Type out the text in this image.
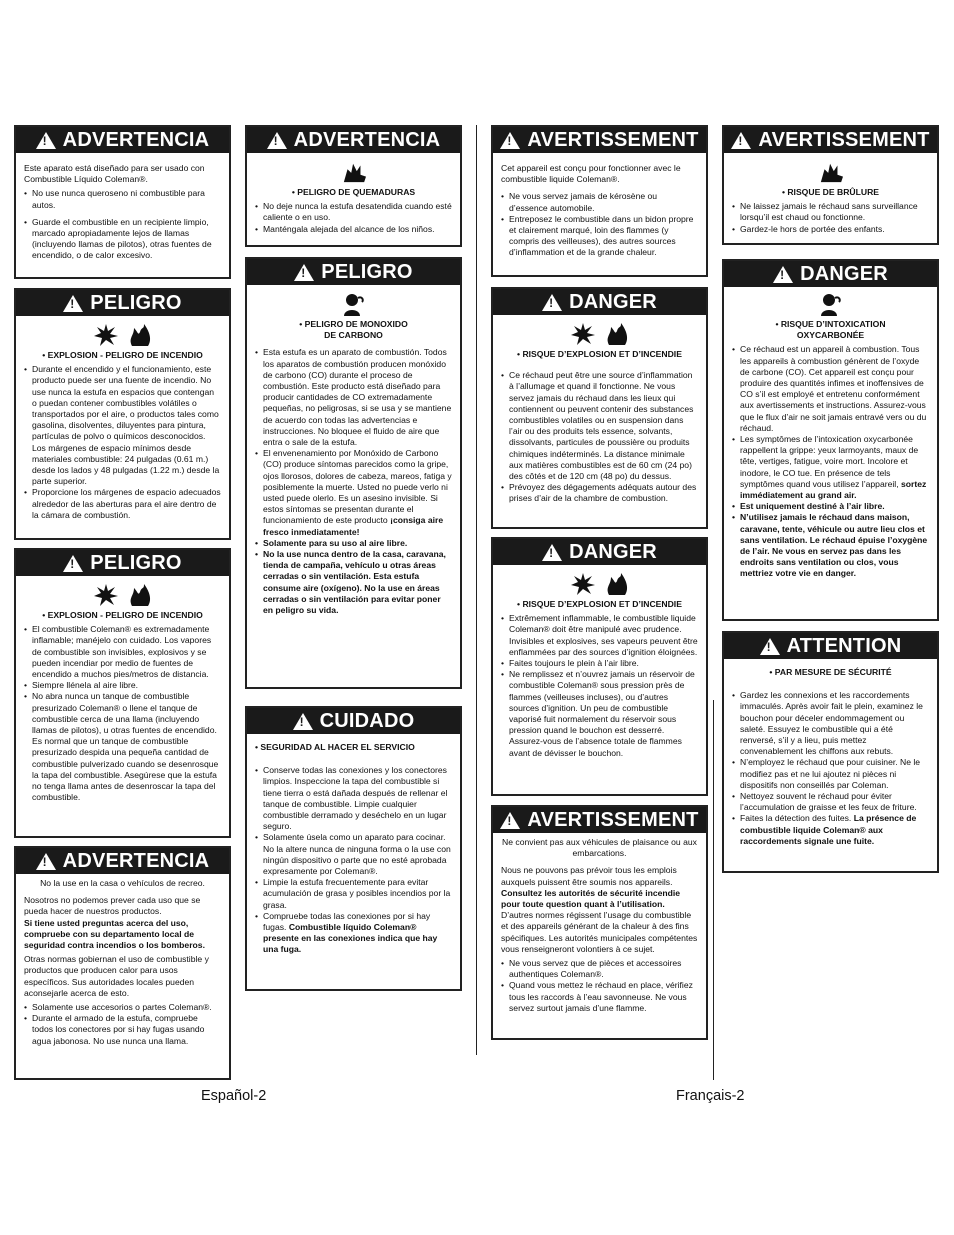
!
ADVERTENCIA

Este aparato está diseñado para ser usado con Combustible Líquido Coleman®.

• No use nunca queroseno ni combustible para autos.
• Guarde el combustible en un recipiente limpio, marcado apropiadamente lejos de llamas (incluyendo llamas de pilotos), otras fuentes de encendido, o de calor excesivo.
!
PELIGRO

• EXPLOSION - PELIGRO DE INCENDIO

• Durante el encendido y el funcionamiento, este producto puede ser una fuente de incendio. No use nunca la estufa en espacios que contengan o puedan contener combustibles volátiles o transportados por el aire, o productos tales como gasolina, disolventes, diluyentes para pintura, partículas de polvo o químicos desconocidos. Los márgenes de espacio mínimos desde materiales combustible: 24 pulgadas (0.61 m.) desde los lados y 48 pulgadas (1.22 m.) desde la parte superior.
• Proporcione los márgenes de espacio adecuados alrededor de las aberturas para el aire dentro de la cámara de combustión.
!
PELIGRO

• EXPLOSION - PELIGRO DE INCENDIO

• El combustible Coleman® es extremadamente inflamable; manéjelo con cuidado. Los vapores de combustible son invisibles, explosivos y se pueden incendiar por medio de fuentes de encendido a muchos pies/metros de distancia.
• Siempre llénela al aire libre.
• No abra nunca un tanque de combustible presurizado Coleman® o llene el tanque de combustible cerca de una llama (incluyendo llamas de pilotos), u otras fuentes de encendido. Es normal que un tanque de combustible presurizado despida una pequeña cantidad de combustible pulverizado cuando se desenrosque la tapa del combustible. Asegúrese que la estufa no tenga llama antes de desenroscar la tapa del combustible.
!
ADVERTENCIA

No la use en la casa o vehículos de recreo.

Nosotros no podemos prever cada uso que se pueda hacer de nuestros productos.

Si tiene usted preguntas acerca del uso, compruebe con su departamento local de seguridad contra incendios o los bomberos.

Otras normas gobiernan el uso de combustible y productos que producen calor para usos específicos. Sus autoridades locales pueden aconsejarle acerca de esto.

• Solamente use accesorios o partes Coleman®.
• Durante el armado de la estufa, compruebe todos los conectores por si hay fugas usando agua jabonosa. No use nunca una llama.
!
ADVERTENCIA

• PELIGRO DE QUEMADURAS

• No deje nunca la estufa desatendida cuando esté caliente o en uso.
• Manténgala alejada del alcance de los niños.
!
PELIGRO

• PELIGRO DE MONOXIDO

DE CARBONO

• Esta estufa es un aparato de combustión. Todos los aparatos de combustión producen monóxido de carbono (CO) durante el proceso de combustión. Este producto está diseñado para producir cantidades de CO extremadamente pequeñas, no peligrosas, si se usa y se mantiene de acuerdo con todas las advertencias e instrucciones. No bloquee el fluido de aire que entra o sale de la estufa.
• El envenenamiento por Monóxido de Carbono (CO) produce síntomas parecidos como la gripe, ojos llorosos, dolores de cabeza, mareos, fatiga y posiblemente la muerte. Usted no puede verlo ni usted puede olerlo. Es un asesino invisible. Si estos síntomas se presentan durante el funcionamiento de este producto ¡consiga aire fresco inmediatamente!
• Solamente para su uso al aire libre.
• No la use nunca dentro de la casa, caravana, tienda de campaña, vehículo u otras áreas cerradas o sin ventilación. Esta estufa consume aire (oxígeno). No la use en áreas cerradas o sin ventilación para evitar poner en peligro su vida.
!
CUIDADO

• SEGURIDAD AL HACER EL SERVICIO

• Conserve todas las conexiones y los conectores limpios. Inspeccione la tapa del combustible si tiene tierra o está dañada después de rellenar el tanque de combustible. Limpie cualquier combustible derramado y deséchelo en un lugar seguro.
• Solamente úsela como un aparato para cocinar. No la altere nunca de ninguna forma o la use con ningún dispositivo o parte que no esté aprobada expresamente por Coleman®.
• Limpie la estufa frecuentemente para evitar acumulación de grasa y posibles incendios por la grasa.
• Compruebe todas las conexiones por si hay fugas. Combustible líquido Coleman® presente en las conexiones indica que hay una fuga.
!
AVERTISSEMENT

Cet appareil est conçu pour fonctionner avec le combustible liquide Coleman®.

• Ne vous servez jamais de kérosène ou d’essence automobile.
• Entreposez le combustible dans un bidon propre et clairement marqué, loin des flammes (y compris des veilleuses), des autres sources d’inflammation et de la grande chaleur.
!
DANGER

• RISQUE D’EXPLOSION ET D’INCENDIE

• Ce réchaud peut être une source d’inflammation à l’allumage et quand il fonctionne. Ne vous servez jamais du réchaud dans les lieux qui contiennent ou peuvent contenir des substances combustibles volatiles ou en suspension dans l’air ou des produits tels essence, solvants, dissolvants, particules de poussière ou produits chimiques indéterminés. La distance minimale aux matières combustibles est de 60 cm (24 po) des côtés et de 120 cm (48 po) du dessus.
• Prévoyez des dégagements adéquats autour des prises d’air de la chambre de combustion.
!
DANGER

• RISQUE D’EXPLOSION ET D’INCENDIE

• Extrêmement inflammable, le combustible liquide Coleman® doit être manipulé avec prudence. Invisibles et explosives, ses vapeurs peuvent être enflammées par des sources d’ignition éloignées.
• Faites toujours le plein à l’air libre.
• Ne remplissez et n’ouvrez jamais un réservoir de combustible Coleman® sous pression près de flammes (veilleuses incluses), ou d’autres sources d’ignition. Un peu de combustible vaporisé fuit normalement du réservoir sous pression quand le bouchon est desserré. Assurez-vous de l’absence totale de flammes avant de dévisser le bouchon.
!
AVERTISSEMENT

Ne convient pas aux véhicules de plaisance ou aux embarcations.

Nous ne pouvons pas prévoir tous les emplois auxquels puissent être soumis nos appareils.

Consultez les autorités de sécurité incendie pour toute question quant à l’utilisation.

D’autres normes régissent l’usage du combustible et des appareils générant de la chaleur à des fins spécifiques. Les autorités municipales compétentes vous renseigneront volontiers à ce sujet.

• Ne vous servez que de pièces et accessoires authentiques Coleman®.
• Quand vous mettez le réchaud en place, vérifiez tous les raccords à l’eau savonneuse. Ne vous servez surtout jamais d’une flamme.
!
AVERTISSEMENT

• RISQUE DE BRÛLURE

• Ne laissez jamais le réchaud sans surveillance lorsqu’il est chaud ou fonctionne.
• Gardez-le hors de portée des enfants.
!
DANGER

• RISQUE D’INTOXICATION

OXYCARBONÉE

• Ce réchaud est un appareil à combustion. Tous les appareils à combustion génèrent de l’oxyde de carbone (CO). Cet appareil est conçu pour produire des quantités infimes et inoffensives de CO s’il est employé et entretenu conformément aux avertissements et instructions. Assurez-vous que le flux d’air ne soit jamais entravé vers ou du réchaud.
• Les symptômes de l’intoxication oxycarbonée rappellent la grippe: yeux larmoyants, maux de tête, vertiges, fatigue, voire mort. Incolore et inodore, le CO tue. En présence de tels symptômes quand vous utilisez l’appareil, sortez immédiatement au grand air.
• Est uniquement destiné à l’air libre.
• N’utilisez jamais le réchaud dans maison, caravane, tente, véhicule ou autre lieu clos et sans ventilation. Le réchaud épuise l’oxygène de l’air. Ne vous en servez pas dans les endroits sans ventilation ou clos, vous mettriez votre vie en danger.
!
ATTENTION

• PAR MESURE DE SÉCURITÉ

• Gardez les connexions et les raccordements immaculés. Après avoir fait le plein, examinez le bouchon pour déceler endommagement ou saleté. Essuyez le combustible qui a été renversé, s’il y a lieu, puis mettez convenablement les chiffons aux rebuts.
• N’employez le réchaud que pour cuisiner. Ne le modifiez pas et ne lui ajoutez ni pièces ni dispositifs non conseillés par Coleman.
• Nettoyez souvent le réchaud pour éviter l’accumulation de graisse et les feux de friture.
• Faites la détection des fuites. La présence de combustible liquide Coleman® aux raccordements signale une fuite.
Español-2	Français-2
